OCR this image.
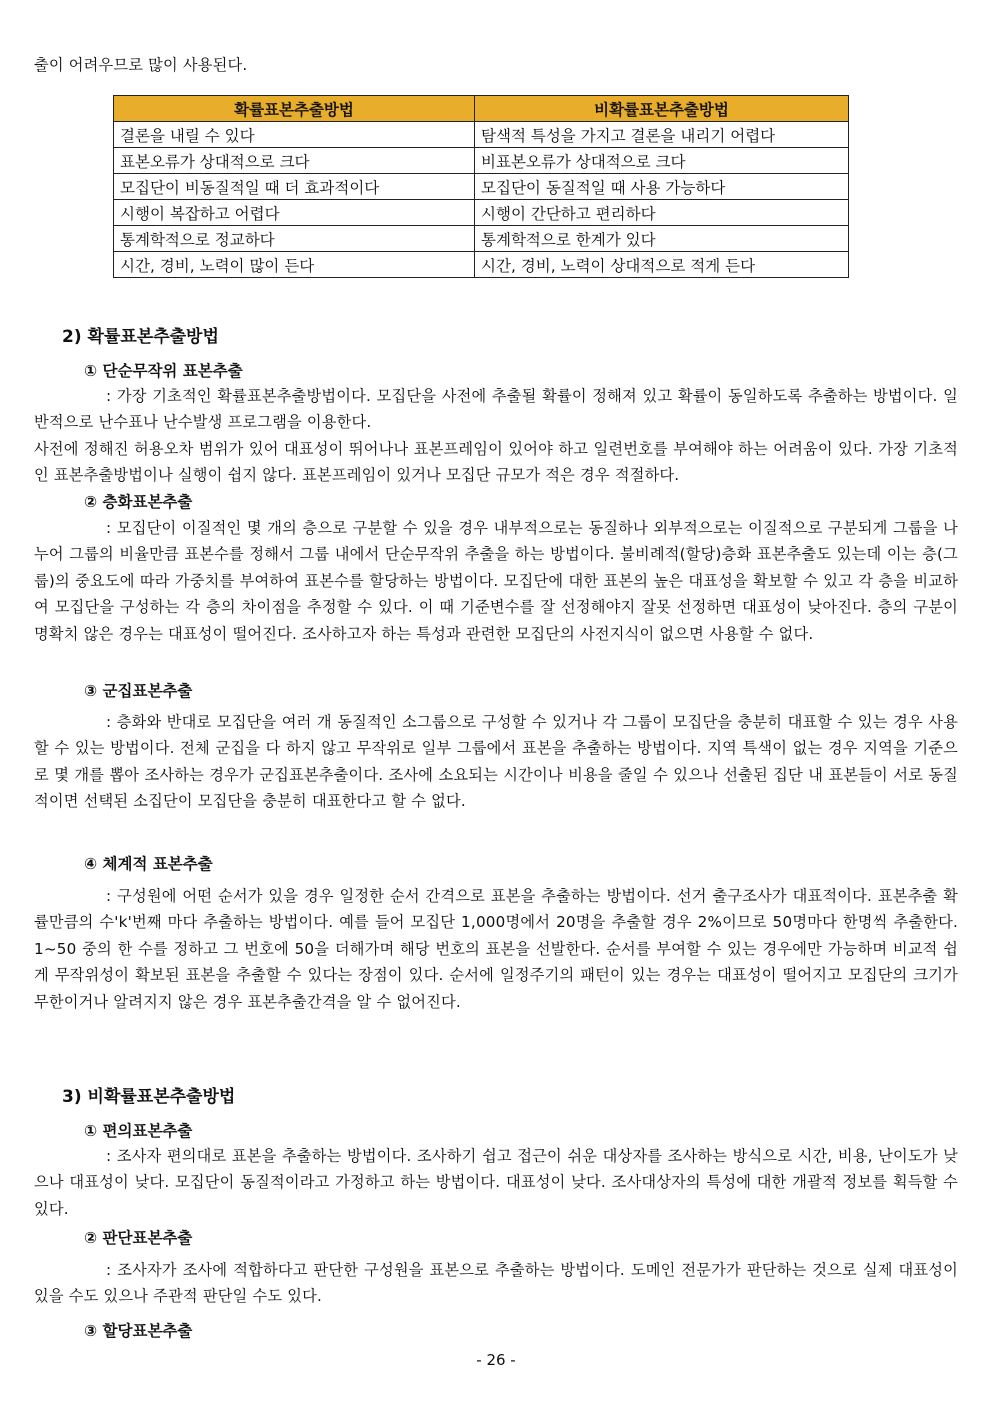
출이 어려우므로 많이 사용된다.
확률표본추출방법	비확률표본추출방법
결론을 내릴 수 있다	탐색적 특성을 가지고 결론을 내리기 어렵다
표본오류가 상대적으로 크다	비표본오류가 상대적으로 크다
모집단이 비동질적일 때 더 효과적이다	모집단이 동질적일 때 사용 가능하다
시행이 복잡하고 어렵다	시행이 간단하고 편리하다
통계학적으로 정교하다	통계학적으로 한계가 있다
시간, 경비, 노력이 많이 든다	시간, 경비, 노력이 상대적으로 적게 든다
2) 확률표본추출방법
① 단순무작위 표본추출
: 가장 기초적인 확률표본추출방법이다. 모집단을 사전에 추출될 확률이 정해져 있고 확률이 동일하도록 추출하는 방법이다. 일반적으로 난수표나 난수발생 프로그램을 이용한다.
사전에 정해진 허용오차 범위가 있어 대표성이 뛰어나나 표본프레임이 있어야 하고 일련번호를 부여해야 하는 어려움이 있다. 가장 기초적인 표본추출방법이나 실행이 쉽지 않다. 표본프레임이 있거나 모집단 규모가 적은 경우 적절하다.
② 층화표본추출
: 모집단이 이질적인 몇 개의 층으로 구분할 수 있을 경우 내부적으로는 동질하나 외부적으로는 이질적으로 구분되게 그룹을 나누어 그룹의 비율만큼 표본수를 정해서 그룹 내에서 단순무작위 추출을 하는 방법이다. 불비례적(할당)층화 표본추출도 있는데 이는 층(그룹)의 중요도에 따라 가중치를 부여하여 표본수를 할당하는 방법이다. 모집단에 대한 표본의 높은 대표성을 확보할 수 있고 각 층을 비교하여 모집단을 구성하는 각 층의 차이점을 추정할 수 있다. 이 때 기준변수를 잘 선정해야지 잘못 선정하면 대표성이 낮아진다. 층의 구분이 명확치 않은 경우는 대표성이 떨어진다. 조사하고자 하는 특성과 관련한 모집단의 사전지식이 없으면 사용할 수 없다.
③ 군집표본추출
: 층화와 반대로 모집단을 여러 개 동질적인 소그룹으로 구성할 수 있거나 각 그룹이 모집단을 충분히 대표할 수 있는 경우 사용할 수 있는 방법이다. 전체 군집을 다 하지 않고 무작위로 일부 그룹에서 표본을 추출하는 방법이다. 지역 특색이 없는 경우 지역을 기준으로 몇 개를 뽑아 조사하는 경우가 군집표본추출이다. 조사에 소요되는 시간이나 비용을 줄일 수 있으나 선출된 집단 내 표본들이 서로 동질적이면 선택된 소집단이 모집단을 충분히 대표한다고 할 수 없다.
④ 체계적 표본추출
: 구성원에 어떤 순서가 있을 경우 일정한 순서 간격으로 표본을 추출하는 방법이다. 선거 출구조사가 대표적이다. 표본추출 확률만큼의 수'k'번째 마다 추출하는 방법이다. 예를 들어 모집단 1,000명에서 20명을 추출할 경우 2%이므로 50명마다 한명씩 추출한다. 1~50 중의 한 수를 정하고 그 번호에 50을 더해가며 해당 번호의 표본을 선발한다. 순서를 부여할 수 있는 경우에만 가능하며 비교적 쉽게 무작위성이 확보된 표본을 추출할 수 있다는 장점이 있다. 순서에 일정주기의 패턴이 있는 경우는 대표성이 떨어지고 모집단의 크기가 무한이거나 알려지지 않은 경우 표본추출간격을 알 수 없어진다.
3) 비확률표본추출방법
① 편의표본추출
: 조사자 편의대로 표본을 추출하는 방법이다. 조사하기 쉽고 접근이 쉬운 대상자를 조사하는 방식으로 시간, 비용, 난이도가 낮으나 대표성이 낮다. 모집단이 동질적이라고 가정하고 하는 방법이다. 대표성이 낮다. 조사대상자의 특성에 대한 개괄적 정보를 획득할 수 있다.
② 판단표본추출
: 조사자가 조사에 적합하다고 판단한 구성원을 표본으로 추출하는 방법이다. 도메인 전문가가 판단하는 것으로 실제 대표성이 있을 수도 있으나 주관적 판단일 수도 있다.
③ 할당표본추출
- 26 -
